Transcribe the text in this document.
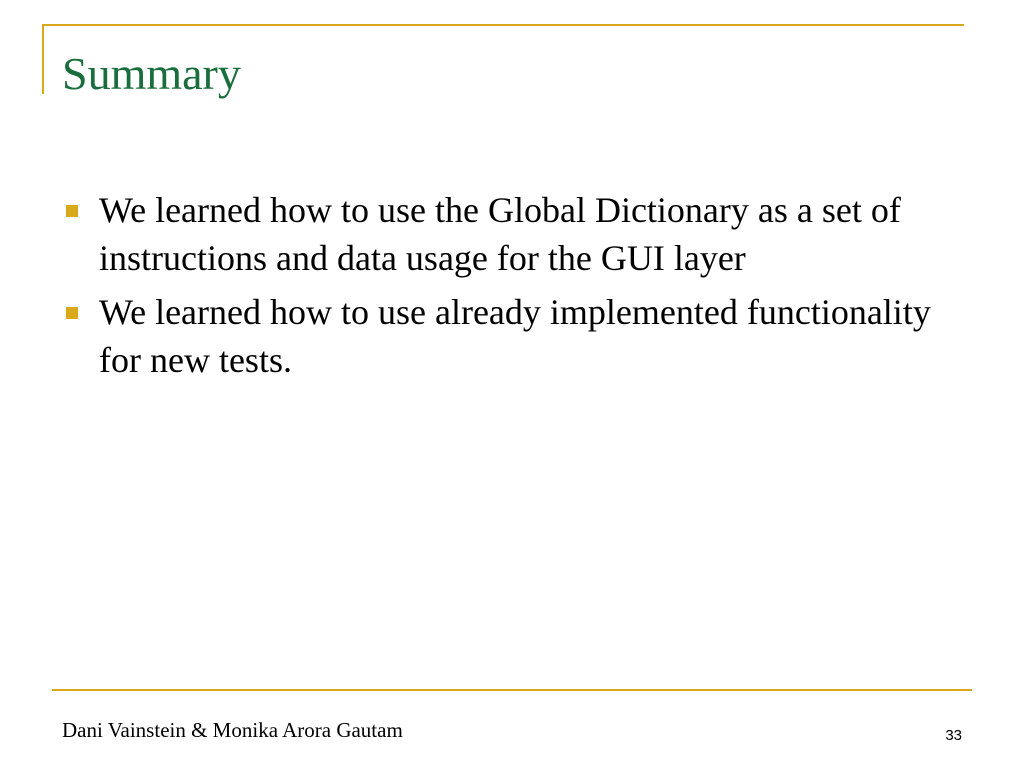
Summary
We learned how to use the Global Dictionary as a set of instructions and data usage for the GUI layer
We learned how to use already implemented functionality for new tests.
Dani Vainstein & Monika Arora Gautam	33
